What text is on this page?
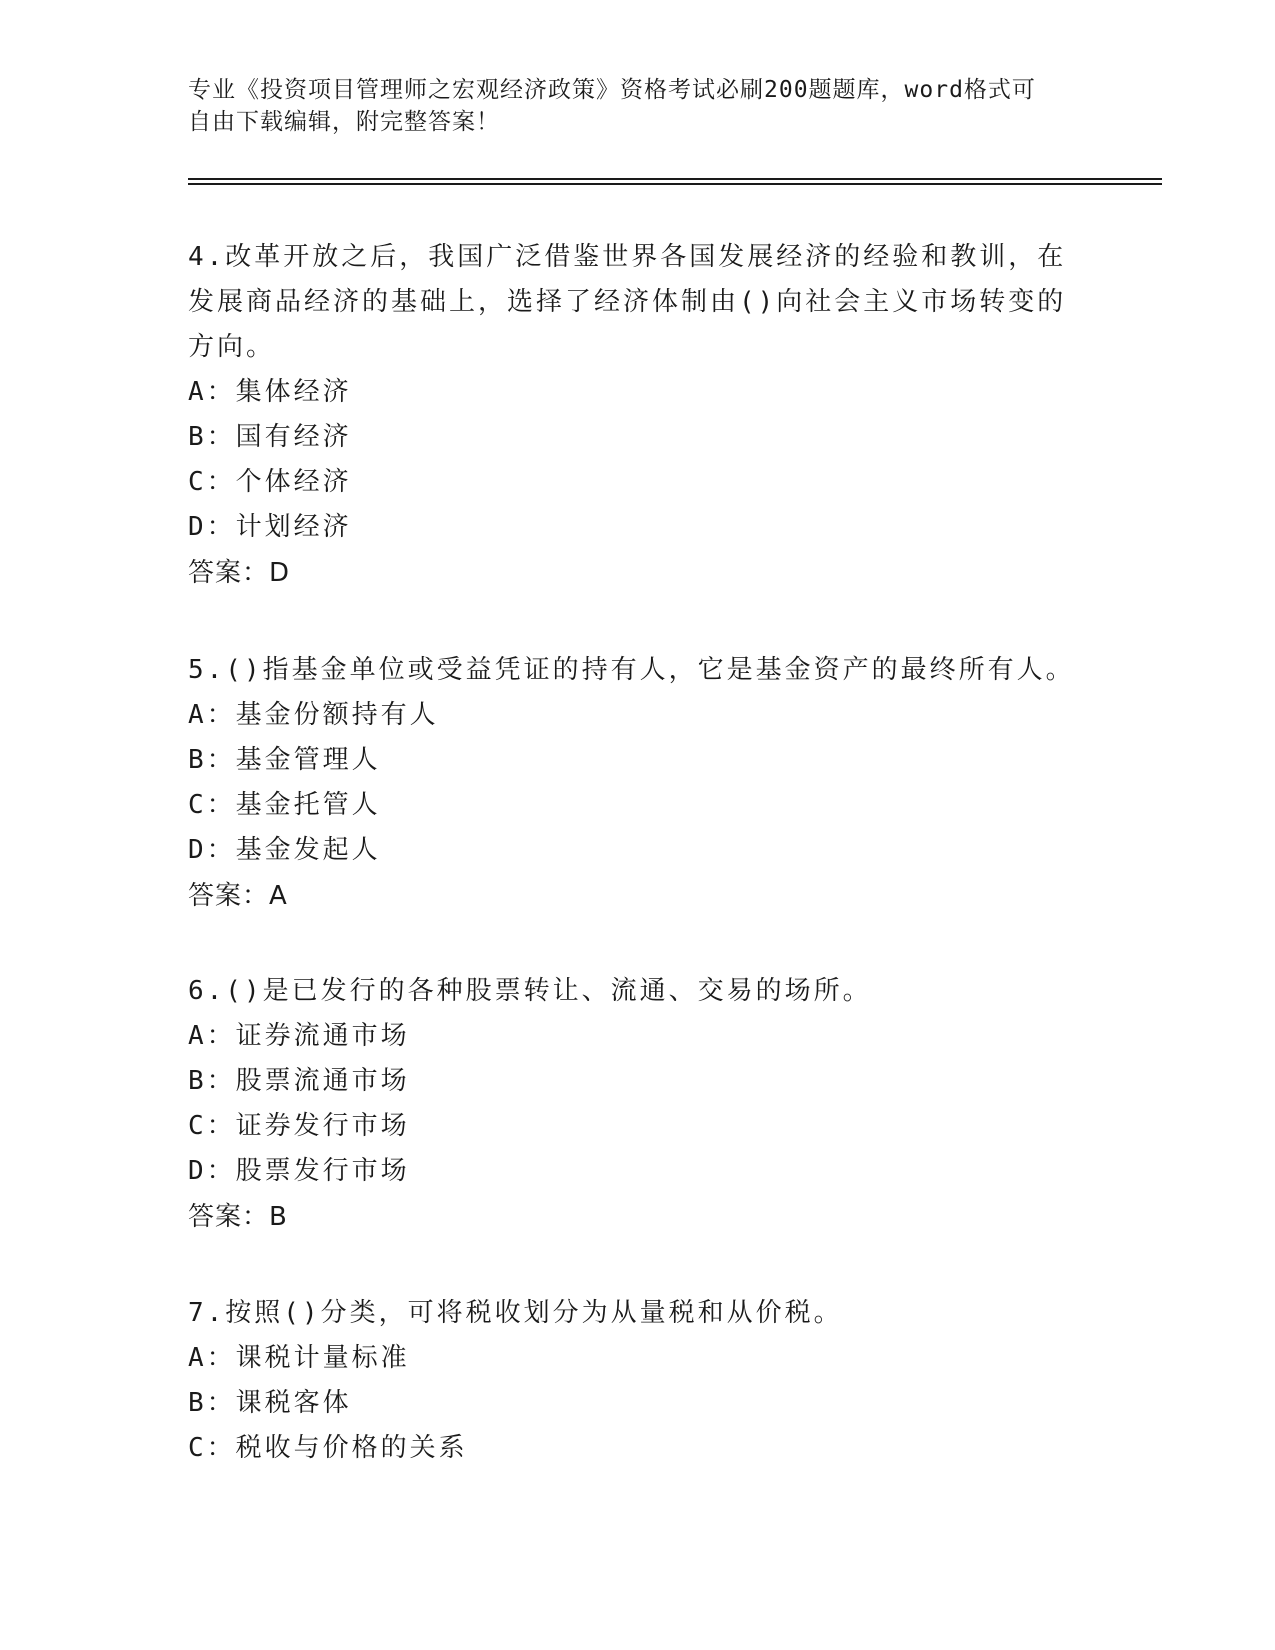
专业《投资项目管理师之宏观经济政策》资格考试必刷200题题库，word格式可
自由下载编辑，附完整答案！

4.改革开放之后，我国广泛借鉴世界各国发展经济的经验和教训，在

发展商品经济的基础上，选择了经济体制由()向社会主义市场转变的

方向。

A：集体经济
B：国有经济
C：个体经济
D：计划经济

答案：D

5.()指基金单位或受益凭证的持有人，它是基金资产的最终所有人。

A：基金份额持有人
B：基金管理人
C：基金托管人
D：基金发起人

答案：A

6.()是已发行的各种股票转让、流通、交易的场所。

A：证券流通市场
B：股票流通市场
C：证券发行市场
D：股票发行市场

答案：B

7.按照()分类，可将税收划分为从量税和从价税。

A：课税计量标准
B：课税客体
C：税收与价格的关系
